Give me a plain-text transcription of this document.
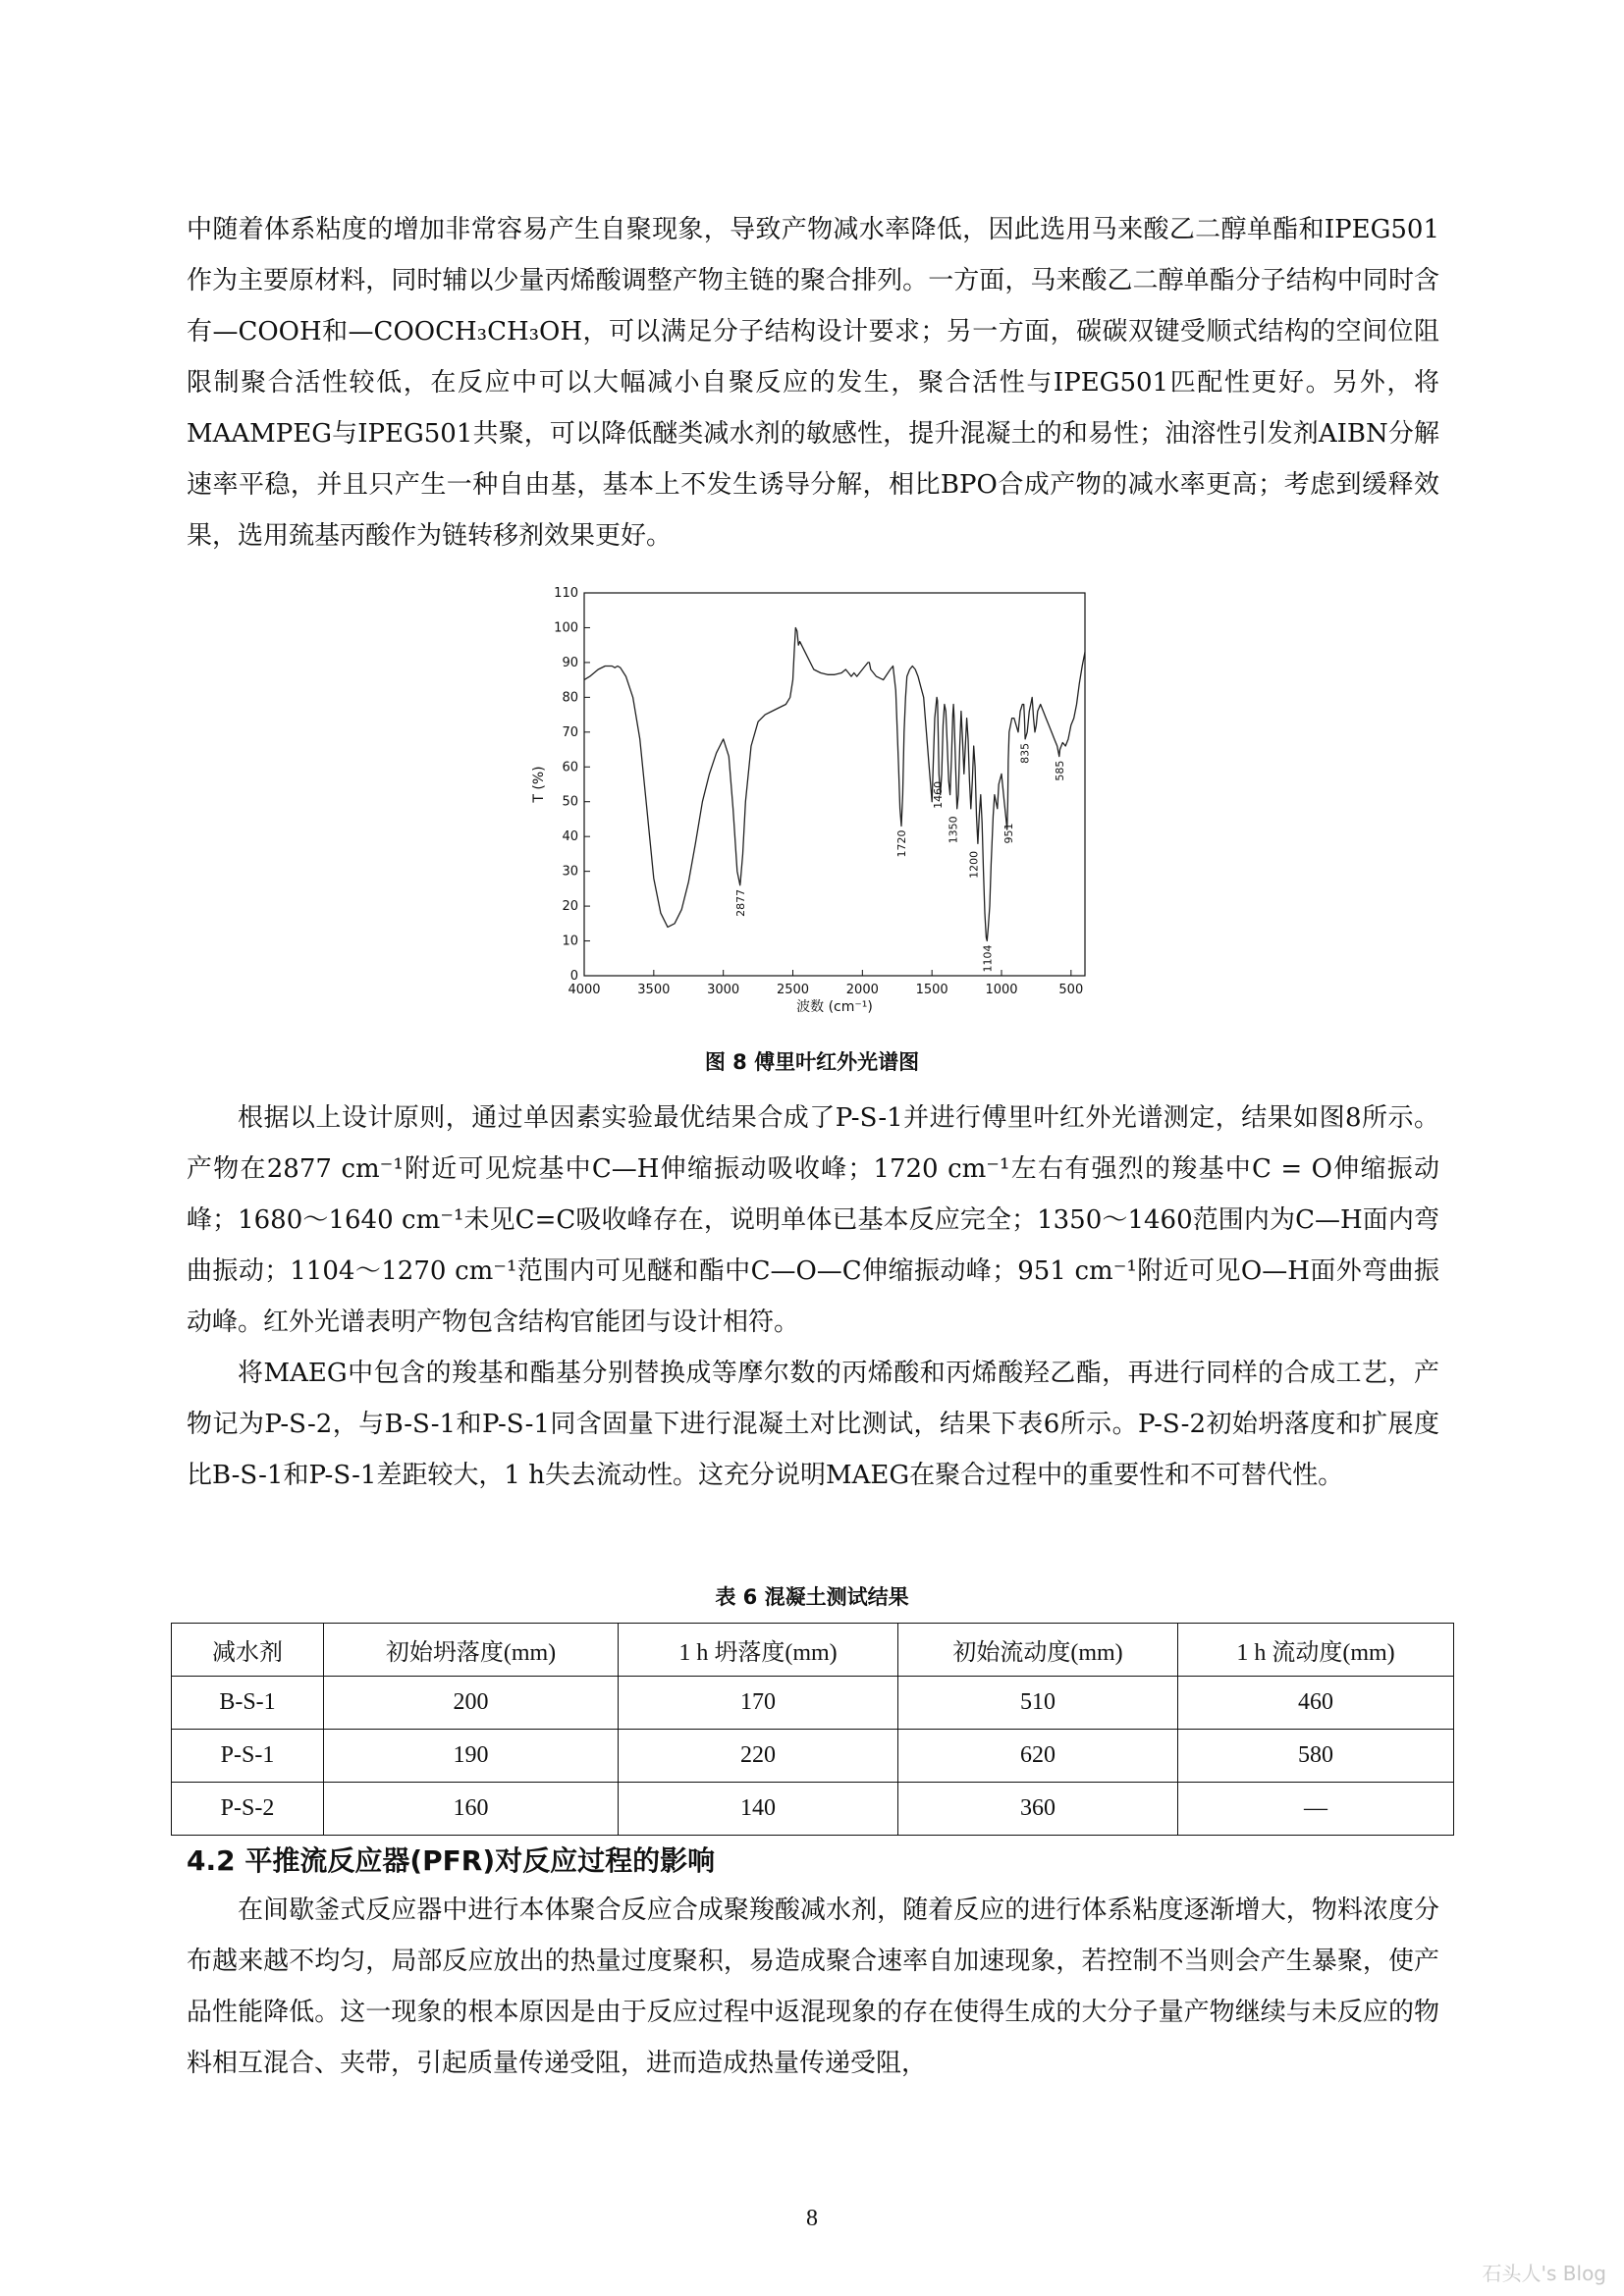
中随着体系粘度的增加非常容易产生自聚现象，导致产物减水率降低，因此选用马来酸乙二醇单酯和IPEG501作为主要原材料，同时辅以少量丙烯酸调整产物主链的聚合排列。一方面，马来酸乙二醇单酯分子结构中同时含有—COOH和—COOCH₃CH₃OH，可以满足分子结构设计要求；另一方面，碳碳双键受顺式结构的空间位阻限制聚合活性较低，在反应中可以大幅减小自聚反应的发生，聚合活性与IPEG501匹配性更好。另外，将MAAMPEG与IPEG501共聚，可以降低醚类减水剂的敏感性，提升混凝土的和易性；油溶性引发剂AIBN分解速率平稳，并且只产生一种自由基，基本上不发生诱导分解，相比BPO合成产物的减水率更高；考虑到缓释效果，选用巯基丙酸作为链转移剂效果更好。

4000	3500	3000	2500	2000	1500	1000	500
0
10
20
30
40
50
60
70
80
90
100
110
波数 (cm⁻¹)
T (%)
2877
1720
1460
1350
1200
1104
951
835
585
图 8 傅里叶红外光谱图

根据以上设计原则，通过单因素实验最优结果合成了P-S-1并进行傅里叶红外光谱测定，结果如图8所示。产物在2877 cm⁻¹附近可见烷基中C—H伸缩振动吸收峰；1720 cm⁻¹左右有强烈的羧基中C = O伸缩振动峰；1680～1640 cm⁻¹未见C=C吸收峰存在，说明单体已基本反应完全；1350～1460范围内为C—H面内弯曲振动；1104～1270 cm⁻¹范围内可见醚和酯中C—O—C伸缩振动峰；951 cm⁻¹附近可见O—H面外弯曲振动峰。红外光谱表明产物包含结构官能团与设计相符。

将MAEG中包含的羧基和酯基分别替换成等摩尔数的丙烯酸和丙烯酸羟乙酯，再进行同样的合成工艺，产物记为P-S-2，与B-S-1和P-S-1同含固量下进行混凝土对比测试，结果下表6所示。P-S-2初始坍落度和扩展度比B-S-1和P-S-1差距较大，1 h失去流动性。这充分说明MAEG在聚合过程中的重要性和不可替代性。

表 6 混凝土测试结果
减水剂	初始坍落度(mm)	1 h 坍落度(mm)	初始流动度(mm)	1 h 流动度(mm)
B-S-1	200	170	510	460
P-S-1	190	220	620	580
P-S-2	160	140	360	—
4.2 平推流反应器(PFR)对反应过程的影响

在间歇釜式反应器中进行本体聚合反应合成聚羧酸减水剂，随着反应的进行体系粘度逐渐增大，物料浓度分布越来越不均匀，局部反应放出的热量过度聚积，易造成聚合速率自加速现象，若控制不当则会产生暴聚，使产品性能降低。这一现象的根本原因是由于反应过程中返混现象的存在使得生成的大分子量产物继续与未反应的物料相互混合、夹带，引起质量传递受阻，进而造成热量传递受阻，

8
石头人's Blog
